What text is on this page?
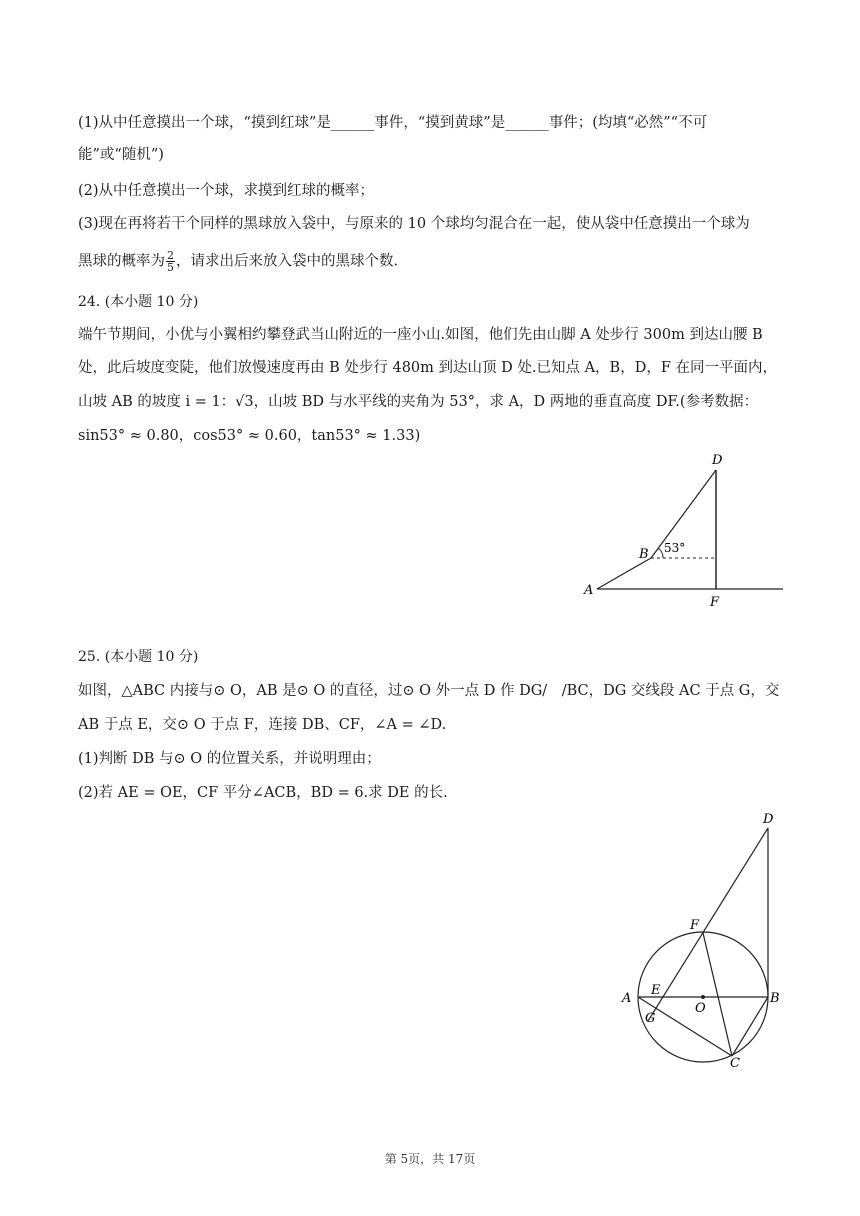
(1)从中任意摸出一个球，“摸到红球”是______事件，“摸到黄球”是______事件；(均填“必然”“不可
能”或“随机”)
(2)从中任意摸出一个球，求摸到红球的概率；
(3)现在再将若干个同样的黑球放入袋中，与原来的 10 个球均匀混合在一起，使从袋中任意摸出一个球为
黑球的概率为 $\frac{2}{5}$ ，请求出后来放入袋中的黑球个数.
24. (本小题 10 分)
端午节期间，小优与小翼相约攀登武当山附近的一座小山.如图，他们先由山脚 A 处步行 300m 到达山腰 B
处，此后坡度变陡，他们放慢速度再由 B 处步行 480m 到达山顶 D 处.已知点 A，B，D，F 在同一平面内，
山坡 AB 的坡度 i = 1：√3，山坡 BD 与水平线的夹角为 53°，求 A，D 两地的垂直高度 DF.(参考数据：
sin53° ≈ 0.80，cos53° ≈ 0.60，tan53° ≈ 1.33)
D
B
A
F
53°
25. (本小题 10 分)
如图，△ABC 内接与⊙ O，AB 是⊙ O 的直径，过⊙ O 外一点 D 作 DG/　/BC，DG 交线段 AC 于点 G，交
AB 于点 E，交⊙ O 于点 F，连接 DB、CF，∠A = ∠D.
(1)判断 DB 与⊙ O 的位置关系，并说明理由；
(2)若 AE = OE，CF 平分∠ACB，BD = 6.求 DE 的长.
D
F
A
E
O
B
G
C
第 5页，共 17页
